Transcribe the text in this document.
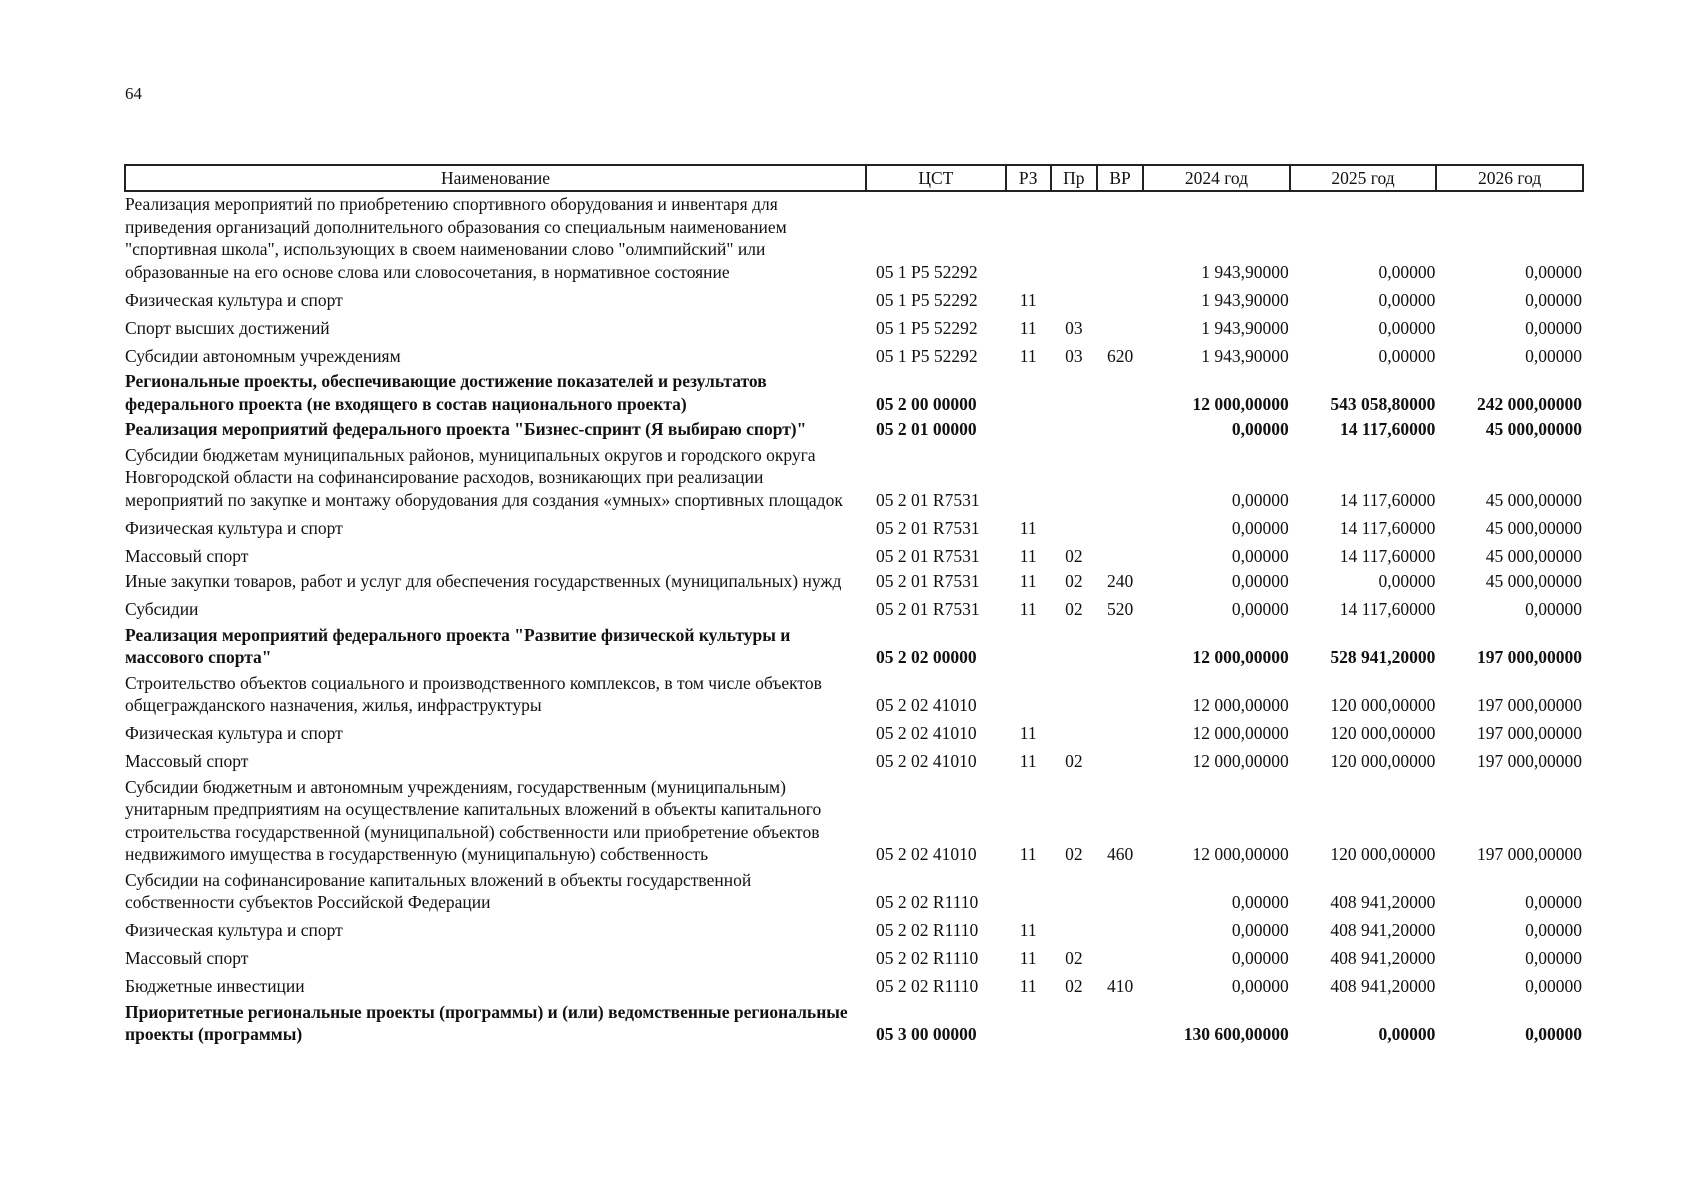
64
Наименование	ЦСТ	РЗ	Пр	ВР	2024 год	2025 год	2026 год
Реализация мероприятий по приобретению спортивного оборудования и инвентаря для приведения организаций дополнительного образования со специальным наименованием "спортивная школа", использующих в своем наименовании слово "олимпийский" или образованные на его основе слова или словосочетания, в нормативное состояние	05 1 Р5 52292				1 943,90000	0,00000	0,00000
Физическая культура и спорт	05 1 Р5 52292	11			1 943,90000	0,00000	0,00000
Спорт высших достижений	05 1 Р5 52292	11	03		1 943,90000	0,00000	0,00000
Субсидии автономным учреждениям	05 1 Р5 52292	11	03	620	1 943,90000	0,00000	0,00000
Региональные проекты, обеспечивающие достижение показателей и результатов федерального проекта (не входящего в состав национального проекта)	05 2 00 00000				12 000,00000	543 058,80000	242 000,00000
Реализация мероприятий федерального проекта "Бизнес-спринт (Я выбираю спорт)"	05 2 01 00000				0,00000	14 117,60000	45 000,00000
Субсидии бюджетам муниципальных районов, муниципальных округов и городского округа Новгородской области на софинансирование расходов, возникающих при реализации мероприятий по закупке и монтажу оборудования для создания «умных» спортивных площадок	05 2 01 R7531				0,00000	14 117,60000	45 000,00000
Физическая культура и спорт	05 2 01 R7531	11			0,00000	14 117,60000	45 000,00000
Массовый спорт	05 2 01 R7531	11	02		0,00000	14 117,60000	45 000,00000
Иные закупки товаров, работ и услуг для обеспечения государственных (муниципальных) нужд	05 2 01 R7531	11	02	240	0,00000	0,00000	45 000,00000
Субсидии	05 2 01 R7531	11	02	520	0,00000	14 117,60000	0,00000
Реализация мероприятий федерального проекта "Развитие физической культуры и массового спорта"	05 2 02 00000				12 000,00000	528 941,20000	197 000,00000
Строительство объектов социального и производственного комплексов, в том числе объектов общегражданского назначения, жилья, инфраструктуры	05 2 02 41010				12 000,00000	120 000,00000	197 000,00000
Физическая культура и спорт	05 2 02 41010	11			12 000,00000	120 000,00000	197 000,00000
Массовый спорт	05 2 02 41010	11	02		12 000,00000	120 000,00000	197 000,00000
Субсидии бюджетным и автономным учреждениям, государственным (муниципальным) унитарным предприятиям на осуществление капитальных вложений в объекты капитального строительства государственной (муниципальной) собственности или приобретение объектов недвижимого имущества в государственную (муниципальную) собственность	05 2 02 41010	11	02	460	12 000,00000	120 000,00000	197 000,00000
Субсидии на софинансирование капитальных вложений в объекты государственной собственности субъектов Российской Федерации	05 2 02 R1110				0,00000	408 941,20000	0,00000
Физическая культура и спорт	05 2 02 R1110	11			0,00000	408 941,20000	0,00000
Массовый спорт	05 2 02 R1110	11	02		0,00000	408 941,20000	0,00000
Бюджетные инвестиции	05 2 02 R1110	11	02	410	0,00000	408 941,20000	0,00000
Приоритетные региональные проекты (программы) и (или) ведомственные региональные проекты (программы)	05 3 00 00000				130 600,00000	0,00000	0,00000
